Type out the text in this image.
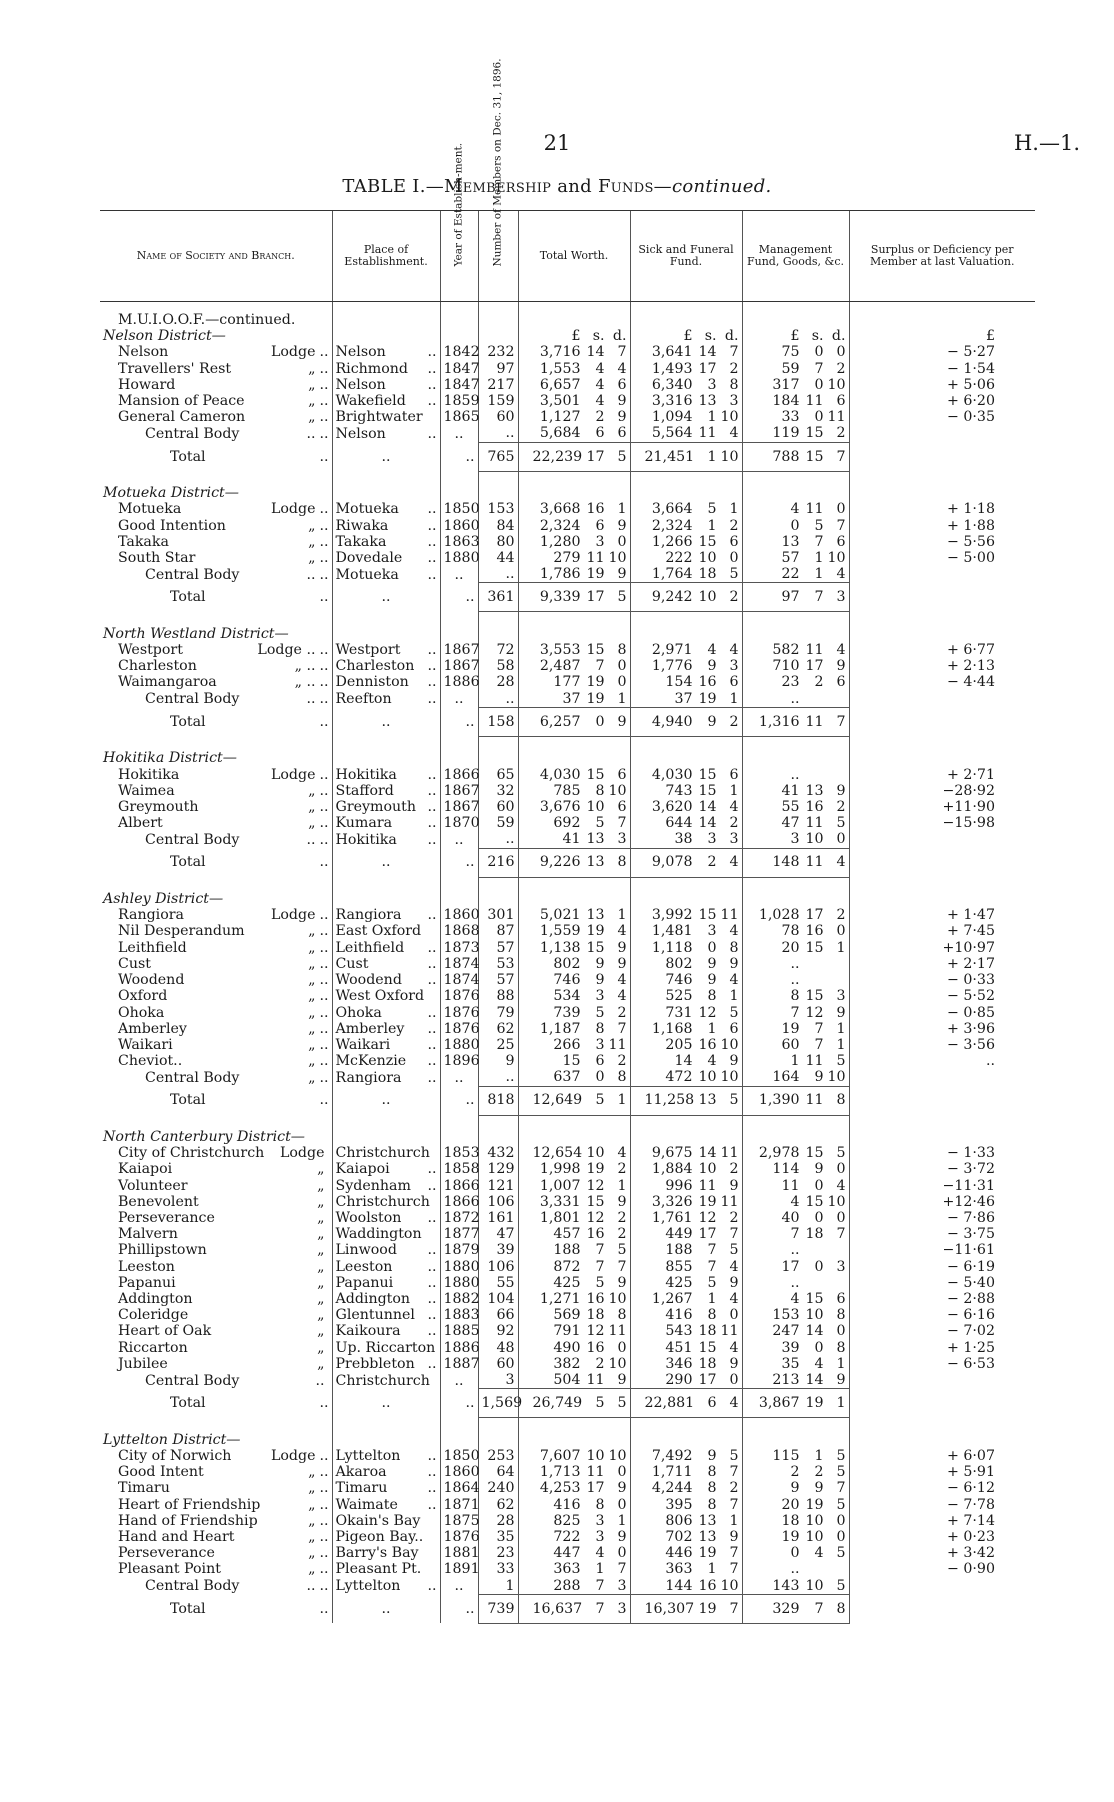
21	H.—1.
TABLE I.—Membership and Funds—continued.
Name of Society and Branch.	Place of Establishment.	Year of Establish-ment.	Number of Members on Dec. 31, 1896.	Total Worth.	Sick and Funeral Fund.	Management Fund, Goods, &c.	Surplus or Deficiency per Member at last Valuation.
M.U.I.O.O.F.—continued.							
Nelson District—				£ s. d.	£ s. d.	£ s. d.	£

Nelson Lodge ..	Nelson ..	1842	232	3,716 14 7	3,641 14 7	75 0 0	− 5·27

Travellers' Rest „ ..	Richmond ..	1847	97	1,553 4 4	1,493 17 2	59 7 2	− 1·54

Howard „ ..	Nelson ..	1847	217	6,657 4 6	6,340 3 8	317 0 10	+ 5·06

Mansion of Peace „ ..	Wakefield ..	1859	159	3,501 4 9	3,316 13 3	184 11 6	+ 6·20

General Cameron „ ..	Brightwater	1865	60	1,127 2 9	1,094 1 10	33 0 11	− 0·35

Central Body .. ..	Nelson ..	..	..	5,684 6 6	5,564 11 4	119 15 2	

Total ..	..	..	765	22,239 17 5	21,451 1 10	788 15 7	
Motueka District—							

Motueka Lodge ..	Motueka ..	1850	153	3,668 16 1	3,664 5 1	4 11 0	+ 1·18

Good Intention „ ..	Riwaka ..	1860	84	2,324 6 9	2,324 1 2	0 5 7	+ 1·88

Takaka „ ..	Takaka ..	1863	80	1,280 3 0	1,266 15 6	13 7 6	− 5·56

South Star „ ..	Dovedale ..	1880	44	279 11 10	222 10 0	57 1 10	− 5·00

Central Body .. ..	Motueka ..	..	..	1,786 19 9	1,764 18 5	22 1 4	

Total ..	..	..	361	9,339 17 5	9,242 10 2	97 7 3	
North Westland District—							

Westport Lodge .. ..	Westport ..	1867	72	3,553 15 8	2,971 4 4	582 11 4	+ 6·77

Charleston „ .. ..	Charleston ..	1867	58	2,487 7 0	1,776 9 3	710 17 9	+ 2·13

Waimangaroa „ .. ..	Denniston ..	1886	28	177 19 0	154 16 6	23 2 6	− 4·44

Central Body .. ..	Reefton ..	..	..	37 19 1	37 19 1	..	

Total ..	..	..	158	6,257 0 9	4,940 9 2	1,316 11 7	
Hokitika District—							

Hokitika Lodge ..	Hokitika ..	1866	65	4,030 15 6	4,030 15 6	..	+ 2·71

Waimea „ ..	Stafford ..	1867	32	785 8 10	743 15 1	41 13 9	−28·92

Greymouth „ ..	Greymouth ..	1867	60	3,676 10 6	3,620 14 4	55 16 2	+11·90

Albert „ ..	Kumara ..	1870	59	692 5 7	644 14 2	47 11 5	−15·98

Central Body .. ..	Hokitika ..	..	..	41 13 3	38 3 3	3 10 0	

Total ..	..	..	216	9,226 13 8	9,078 2 4	148 11 4	
Ashley District—							

Rangiora Lodge ..	Rangiora ..	1860	301	5,021 13 1	3,992 15 11	1,028 17 2	+ 1·47

Nil Desperandum „ ..	East Oxford	1868	87	1,559 19 4	1,481 3 4	78 16 0	+ 7·45

Leithfield „ ..	Leithfield ..	1873	57	1,138 15 9	1,118 0 8	20 15 1	+10·97

Cust „ ..	Cust ..	1874	53	802 9 9	802 9 9	..	+ 2·17

Woodend „ ..	Woodend ..	1874	57	746 9 4	746 9 4	..	− 0·33

Oxford „ ..	West Oxford	1876	88	534 3 4	525 8 1	8 15 3	− 5·52

Ohoka „ ..	Ohoka ..	1876	79	739 5 2	731 12 5	7 12 9	− 0·85

Amberley „ ..	Amberley ..	1876	62	1,187 8 7	1,168 1 6	19 7 1	+ 3·96

Waikari „ ..	Waikari ..	1880	25	266 3 11	205 16 10	60 7 1	− 3·56

Cheviot.. „ ..	McKenzie ..	1896	9	15 6 2	14 4 9	1 11 5	..

Central Body „ ..	Rangiora ..	..	..	637 0 8	472 10 10	164 9 10	

Total ..	..	..	818	12,649 5 1	11,258 13 5	1,390 11 8	
North Canterbury District—							

City of Christchurch Lodge	Christchurch	1853	432	12,654 10 4	9,675 14 11	2,978 15 5	− 1·33

Kaiapoi „	Kaiapoi ..	1858	129	1,998 19 2	1,884 10 2	114 9 0	− 3·72

Volunteer „	Sydenham ..	1866	121	1,007 12 1	996 11 9	11 0 4	−11·31

Benevolent „	Christchurch	1866	106	3,331 15 9	3,326 19 11	4 15 10	+12·46

Perseverance „	Woolston ..	1872	161	1,801 12 2	1,761 12 2	40 0 0	− 7·86

Malvern „	Waddington	1877	47	457 16 2	449 17 7	7 18 7	− 3·75

Phillipstown „	Linwood ..	1879	39	188 7 5	188 7 5	..	−11·61

Leeston „	Leeston ..	1880	106	872 7 7	855 7 4	17 0 3	− 6·19

Papanui „	Papanui ..	1880	55	425 5 9	425 5 9	..	− 5·40

Addington „	Addington ..	1882	104	1,271 16 10	1,267 1 4	4 15 6	− 2·88

Coleridge „	Glentunnel ..	1883	66	569 18 8	416 8 0	153 10 8	− 6·16

Heart of Oak „	Kaikoura ..	1885	92	791 12 11	543 18 11	247 14 0	− 7·02

Riccarton „	Up. Riccarton	1886	48	490 16 0	451 15 4	39 0 8	+ 1·25

Jubilee „	Prebbleton ..	1887	60	382 2 10	346 18 9	35 4 1	− 6·53

Central Body ..	Christchurch	..	3	504 11 9	290 17 0	213 14 9	

Total ..	..	..	1,569	26,749 5 5	22,881 6 4	3,867 19 1	
Lyttelton District—							

City of Norwich Lodge ..	Lyttelton ..	1850	253	7,607 10 10	7,492 9 5	115 1 5	+ 6·07

Good Intent „ ..	Akaroa ..	1860	64	1,713 11 0	1,711 8 7	2 2 5	+ 5·91

Timaru „ ..	Timaru ..	1864	240	4,253 17 9	4,244 8 2	9 9 7	− 6·12

Heart of Friendship „ ..	Waimate ..	1871	62	416 8 0	395 8 7	20 19 5	− 7·78

Hand of Friendship „ ..	Okain's Bay	1875	28	825 3 1	806 13 1	18 10 0	+ 7·14

Hand and Heart „ ..	Pigeon Bay..	1876	35	722 3 9	702 13 9	19 10 0	+ 0·23

Perseverance „ ..	Barry's Bay	1881	23	447 4 0	446 19 7	0 4 5	+ 3·42

Pleasant Point „ ..	Pleasant Pt.	1891	33	363 1 7	363 1 7	..	− 0·90

Central Body .. ..	Lyttelton ..	..	1	288 7 3	144 16 10	143 10 5	

Total ..	..	..	739	16,637 7 3	16,307 19 7	329 7 8	
